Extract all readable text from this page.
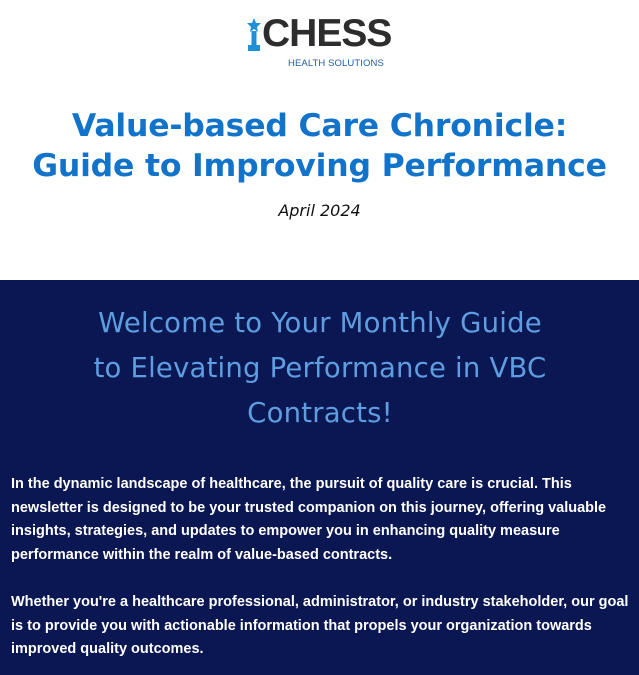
CHESS
HEALTH SOLUTIONS
Value-based Care Chronicle:
Guide to Improving Performance
April 2024
Welcome to Your Monthly Guide
to Elevating Performance in VBC
Contracts!

In the dynamic landscape of healthcare, the pursuit of quality care is crucial. This newsletter is designed to be your trusted companion on this journey, offering valuable insights, strategies, and updates to empower you in enhancing quality measure performance within the realm of value-based contracts.

Whether you're a healthcare professional, administrator, or industry stakeholder, our goal is to provide you with actionable information that propels your organization towards improved quality outcomes.
